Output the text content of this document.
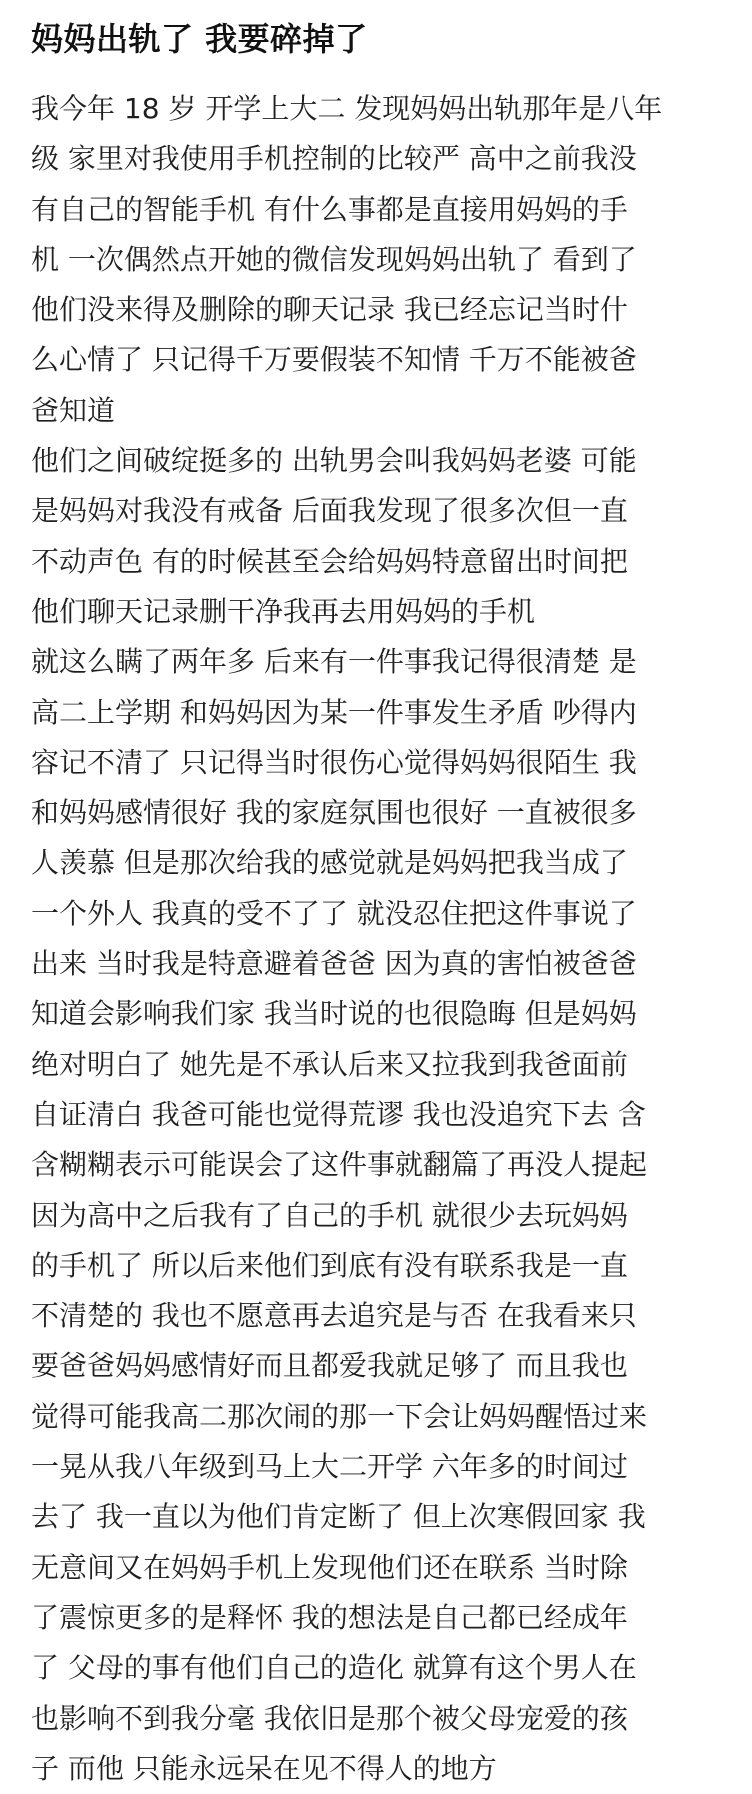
妈妈出轨了 我要碎掉了
我今年 18 岁 开学上大二 发现妈妈出轨那年是八年
级 家里对我使用手机控制的比较严 高中之前我没
有自己的智能手机 有什么事都是直接用妈妈的手
机 一次偶然点开她的微信发现妈妈出轨了 看到了
他们没来得及删除的聊天记录 我已经忘记当时什
么心情了 只记得千万要假装不知情 千万不能被爸
爸知道
他们之间破绽挺多的 出轨男会叫我妈妈老婆 可能
是妈妈对我没有戒备 后面我发现了很多次但一直
不动声色 有的时候甚至会给妈妈特意留出时间把
他们聊天记录删干净我再去用妈妈的手机
就这么瞒了两年多 后来有一件事我记得很清楚 是
高二上学期 和妈妈因为某一件事发生矛盾 吵得内
容记不清了 只记得当时很伤心觉得妈妈很陌生 我
和妈妈感情很好 我的家庭氛围也很好 一直被很多
人羡慕 但是那次给我的感觉就是妈妈把我当成了
一个外人 我真的受不了了 就没忍住把这件事说了
出来 当时我是特意避着爸爸 因为真的害怕被爸爸
知道会影响我们家 我当时说的也很隐晦 但是妈妈
绝对明白了 她先是不承认后来又拉我到我爸面前
自证清白 我爸可能也觉得荒谬 我也没追究下去 含
含糊糊表示可能误会了这件事就翻篇了再没人提起
因为高中之后我有了自己的手机 就很少去玩妈妈
的手机了 所以后来他们到底有没有联系我是一直
不清楚的 我也不愿意再去追究是与否 在我看来只
要爸爸妈妈感情好而且都爱我就足够了 而且我也
觉得可能我高二那次闹的那一下会让妈妈醒悟过来
一晃从我八年级到马上大二开学 六年多的时间过
去了 我一直以为他们肯定断了 但上次寒假回家 我
无意间又在妈妈手机上发现他们还在联系 当时除
了震惊更多的是释怀 我的想法是自己都已经成年
了 父母的事有他们自己的造化 就算有这个男人在
也影响不到我分毫 我依旧是那个被父母宠爱的孩
子 而他 只能永远呆在见不得人的地方
